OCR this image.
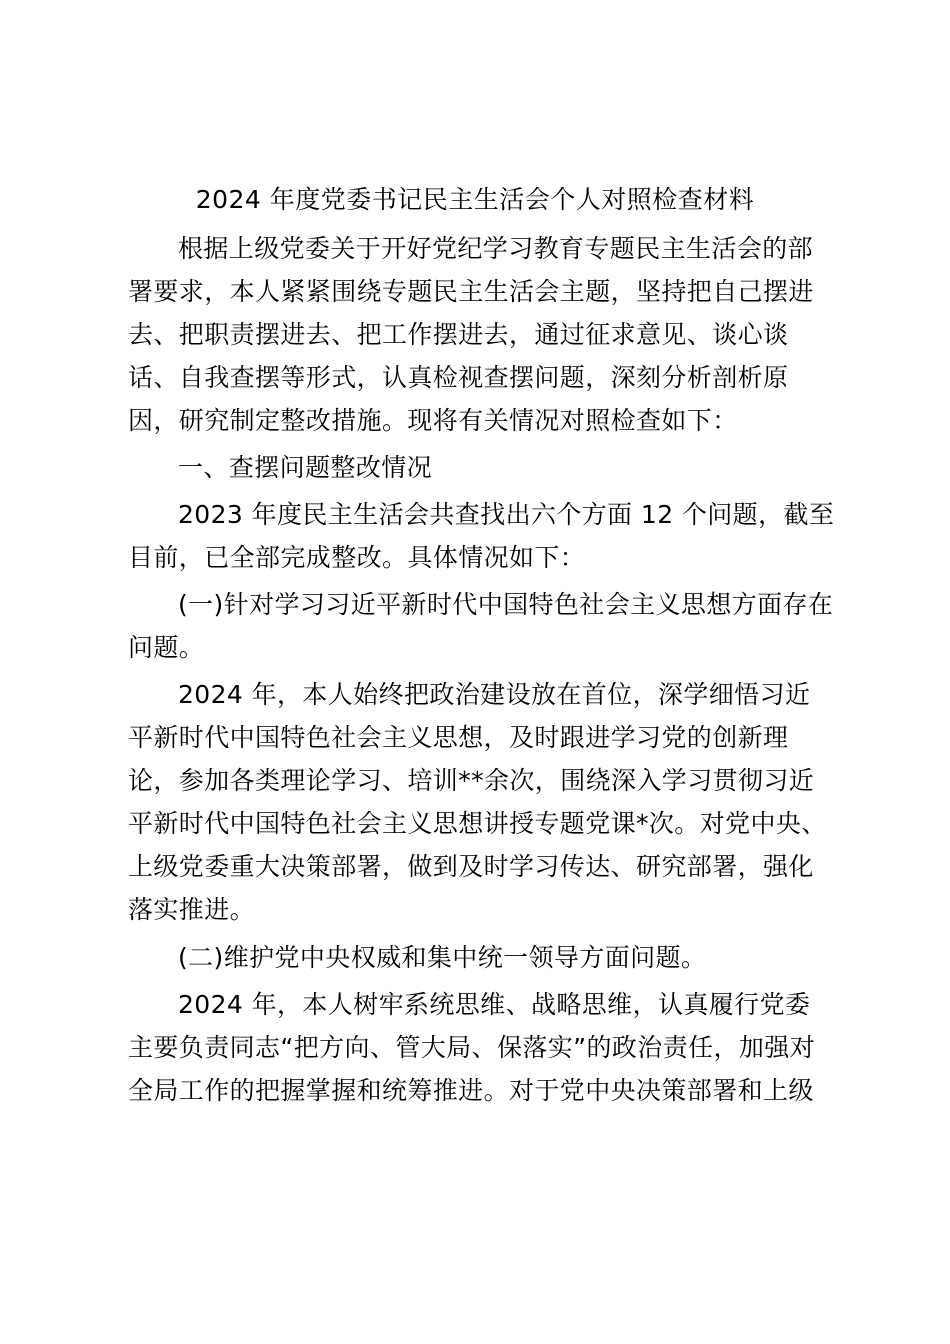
2024 年度党委书记民主生活会个人对照检查材料
根据上级党委关于开好党纪学习教育专题民主生活会的部
署要求，本人紧紧围绕专题民主生活会主题，坚持把自己摆进
去、把职责摆进去、把工作摆进去，通过征求意见、谈心谈
话、自我查摆等形式，认真检视查摆问题，深刻分析剖析原
因，研究制定整改措施。现将有关情况对照检查如下：
一、查摆问题整改情况
2023 年度民主生活会共查找出六个方面 12 个问题，截至
目前，已全部完成整改。具体情况如下：
(一)针对学习习近平新时代中国特色社会主义思想方面存在
问题。
2024 年，本人始终把政治建设放在首位，深学细悟习近
平新时代中国特色社会主义思想，及时跟进学习党的创新理
论，参加各类理论学习、培训**余次，围绕深入学习贯彻习近
平新时代中国特色社会主义思想讲授专题党课*次。对党中央、
上级党委重大决策部署，做到及时学习传达、研究部署，强化
落实推进。
(二)维护党中央权威和集中统一领导方面问题。
2024 年，本人树牢系统思维、战略思维，认真履行党委
主要负责同志“把方向、管大局、保落实”的政治责任，加强对
全局工作的把握掌握和统筹推进。对于党中央决策部署和上级
